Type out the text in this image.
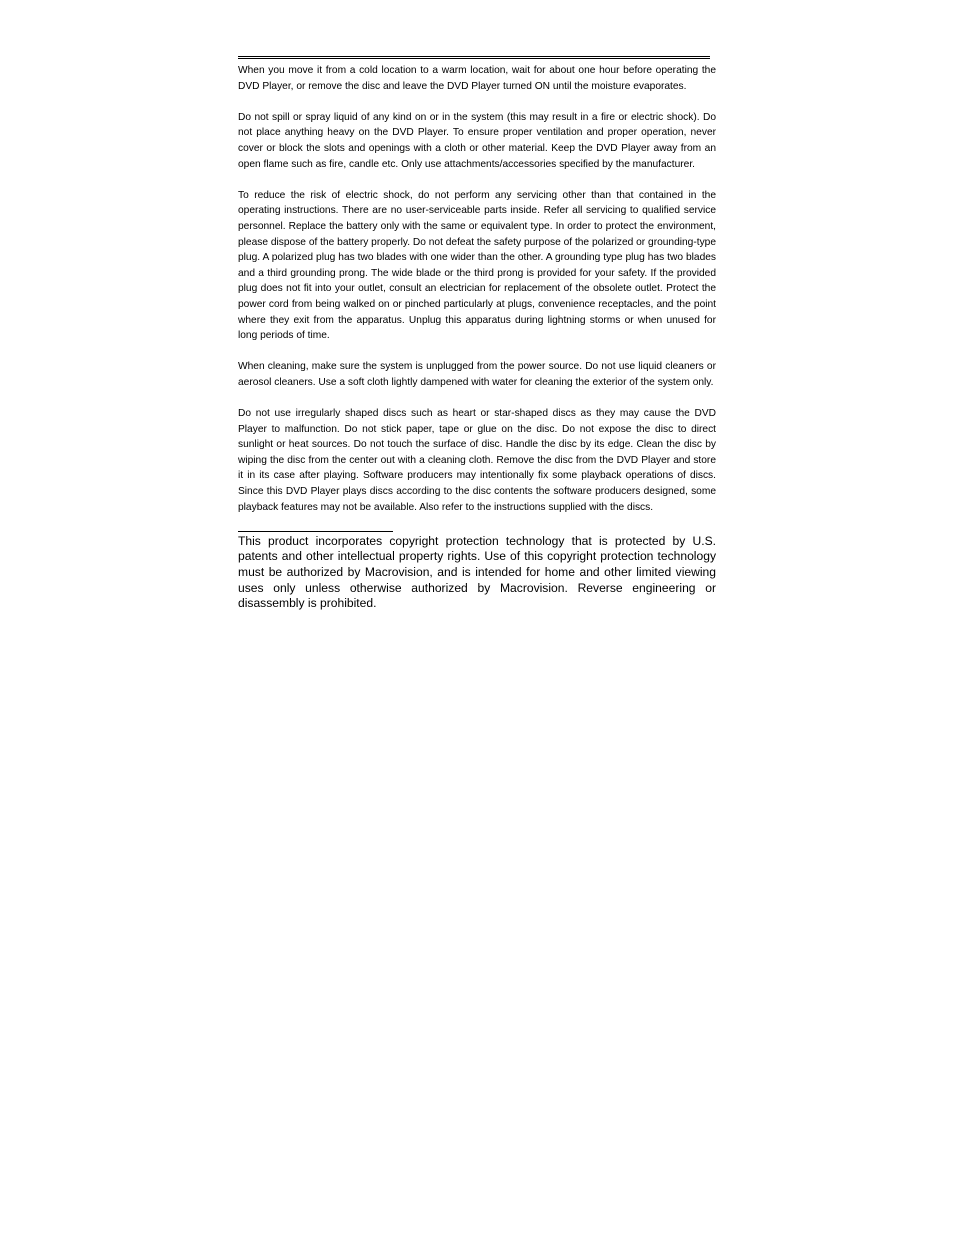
When you move it from a cold location to a warm location, wait for about one hour before operating the DVD Player, or remove the disc and leave the DVD Player turned ON until the moisture evaporates.

Do not spill or spray liquid of any kind on or in the system (this may result in a fire or electric shock). Do not place anything heavy on the DVD Player. To ensure proper ventilation and proper operation, never cover or block the slots and openings with a cloth or other material. Keep the DVD Player away from an open flame such as fire, candle etc. Only use attachments/accessories specified by the manufacturer.

To reduce the risk of electric shock, do not perform any servicing other than that contained in the operating instructions. There are no user-serviceable parts inside. Refer all servicing to qualified service personnel. Replace the battery only with the same or equivalent type. In order to protect the environment, please dispose of the battery properly. Do not defeat the safety purpose of the polarized or grounding-type plug. A polarized plug has two blades with one wider than the other. A grounding type plug has two blades and a third grounding prong. The wide blade or the third prong is provided for your safety. If the provided plug does not fit into your outlet, consult an electrician for replacement of the obsolete outlet. Protect the power cord from being walked on or pinched particularly at plugs, convenience receptacles, and the point where they exit from the apparatus. Unplug this apparatus during lightning storms or when unused for long periods of time.

When cleaning, make sure the system is unplugged from the power source. Do not use liquid cleaners or aerosol cleaners. Use a soft cloth lightly dampened with water for cleaning the exterior of the system only.

Do not use irregularly shaped discs such as heart or star-shaped discs as they may cause the DVD Player to malfunction. Do not stick paper, tape or glue on the disc. Do not expose the disc to direct sunlight or heat sources. Do not touch the surface of disc. Handle the disc by its edge. Clean the disc by wiping the disc from the center out with a cleaning cloth. Remove the disc from the DVD Player and store it in its case after playing. Software producers may intentionally fix some playback operations of discs. Since this DVD Player plays discs according to the disc contents the software producers designed, some playback features may not be available. Also refer to the instructions supplied with the discs.

This product incorporates copyright protection technology that is protected by U.S. patents and other intellectual property rights. Use of this copyright protection technology must be authorized by Macrovision, and is intended for home and other limited viewing uses only unless otherwise authorized by Macrovision. Reverse engineering or disassembly is prohibited.
